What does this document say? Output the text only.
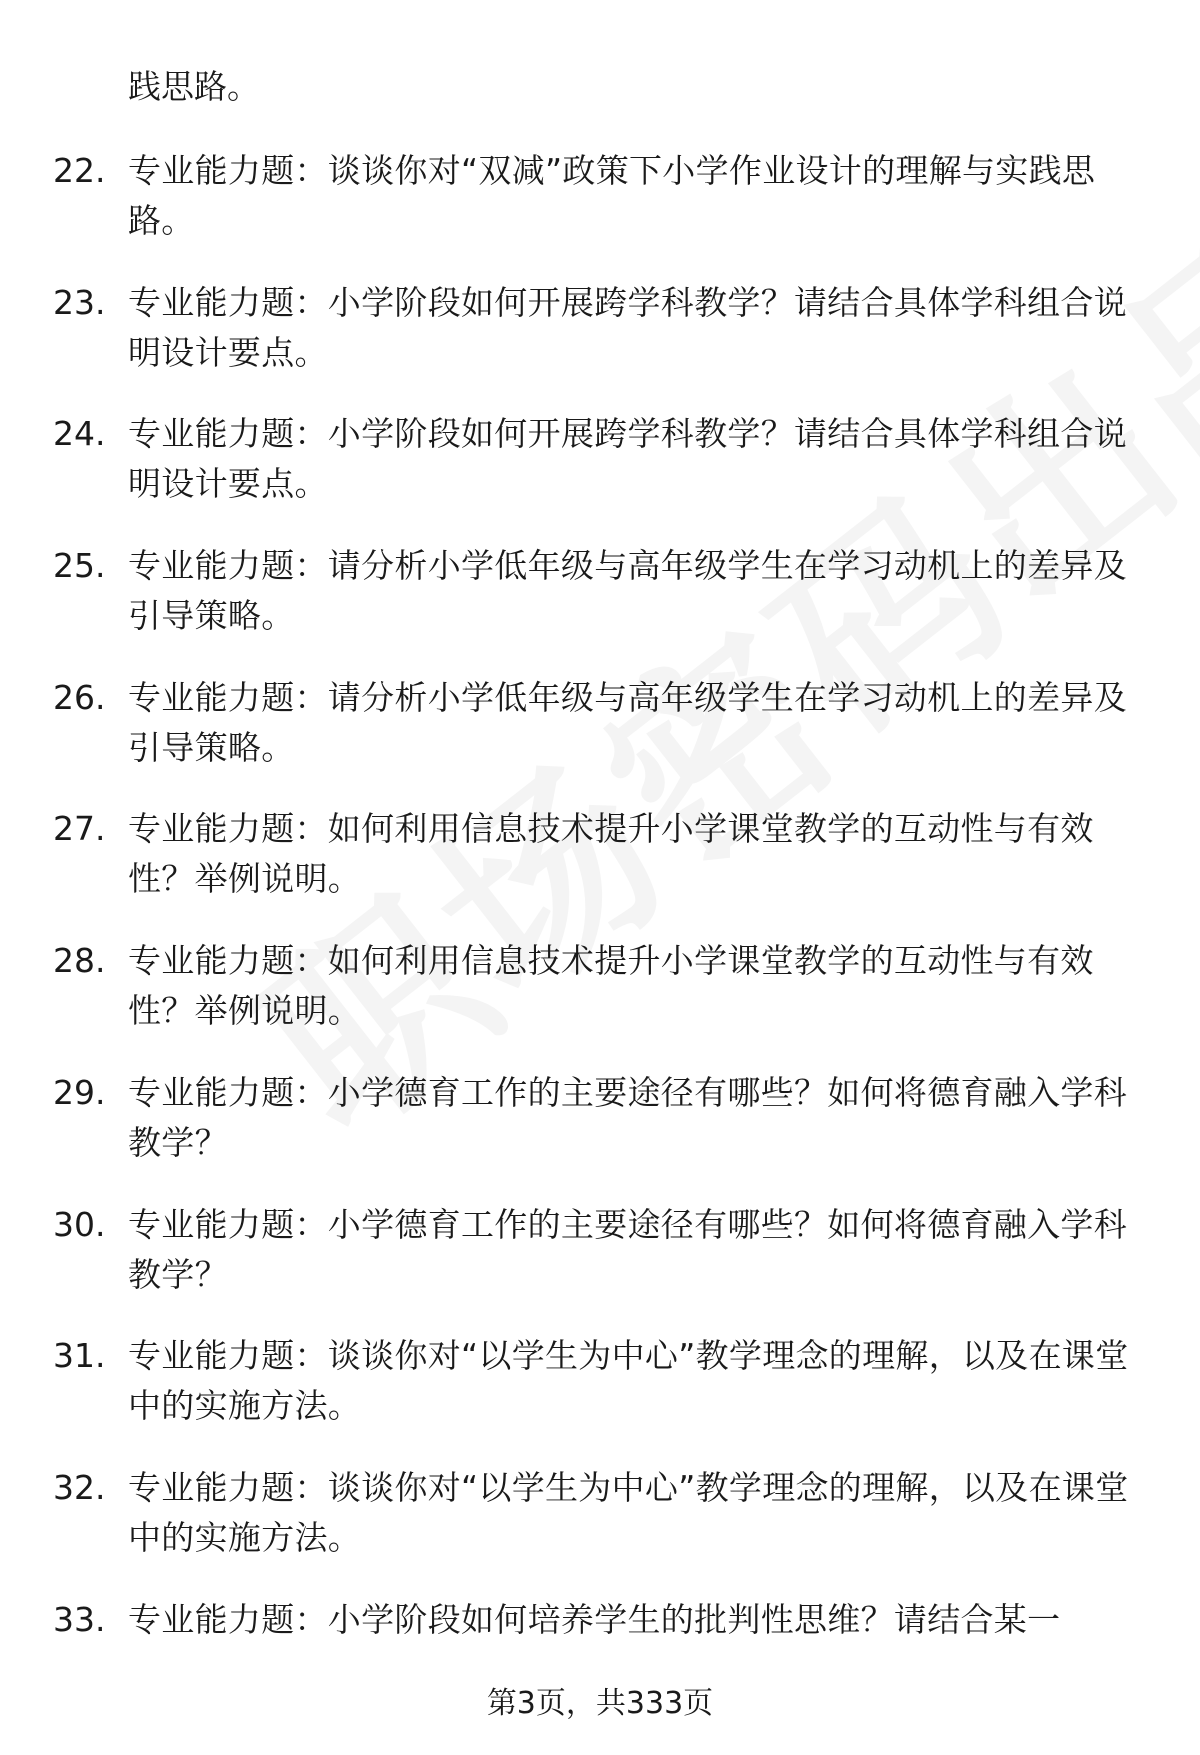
践思路。
22. 专业能力题：谈谈你对“双减”政策下小学作业设计的理解与实践思路。
23. 专业能力题：小学阶段如何开展跨学科教学？请结合具体学科组合说明设计要点。
24. 专业能力题：小学阶段如何开展跨学科教学？请结合具体学科组合说明设计要点。
25. 专业能力题：请分析小学低年级与高年级学生在学习动机上的差异及引导策略。
26. 专业能力题：请分析小学低年级与高年级学生在学习动机上的差异及引导策略。
27. 专业能力题：如何利用信息技术提升小学课堂教学的互动性与有效性？举例说明。
28. 专业能力题：如何利用信息技术提升小学课堂教学的互动性与有效性？举例说明。
29. 专业能力题：小学德育工作的主要途径有哪些？如何将德育融入学科教学？
30. 专业能力题：小学德育工作的主要途径有哪些？如何将德育融入学科教学？
31. 专业能力题：谈谈你对“以学生为中心”教学理念的理解，以及在课堂中的实施方法。
32. 专业能力题：谈谈你对“以学生为中心”教学理念的理解，以及在课堂中的实施方法。
33. 专业能力题：小学阶段如何培养学生的批判性思维？请结合某一
第3页，共333页
